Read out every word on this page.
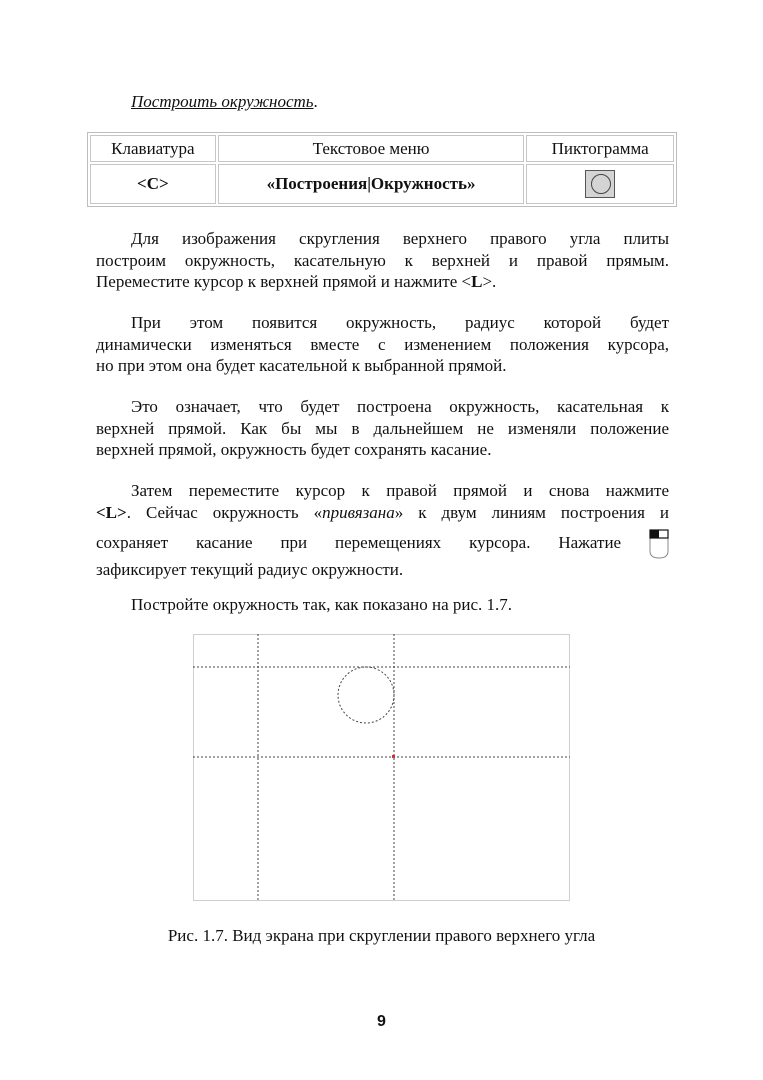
Построить окружность.
Клавиатура	Текстовое меню	Пиктограмма
<C>	«Построения|Окружность»	
Для изображения скругления верхнего правого угла плиты
построим окружность, касательную к верхней и правой прямым.
Переместите курсор к верхней прямой и нажмите <L>.
При этом появится окружность, радиус которой будет
динамически изменяться вместе с изменением положения курсора,
но при этом она будет касательной к выбранной прямой.
Это означает, что будет построена окружность, касательная к
верхней прямой. Как бы мы в дальнейшем не изменяли положение
верхней прямой, окружность будет сохранять касание.
Затем переместите курсор к правой прямой и снова нажмите
<L>. Сейчас окружность «привязана» к двум линиям построения и
сохраняет касание при перемещениях курсора. Нажатие
зафиксирует текущий радиус окружности.
Постройте окружность так, как показано на рис. 1.7.
Рис. 1.7. Вид экрана при скруглении правого верхнего угла
9
